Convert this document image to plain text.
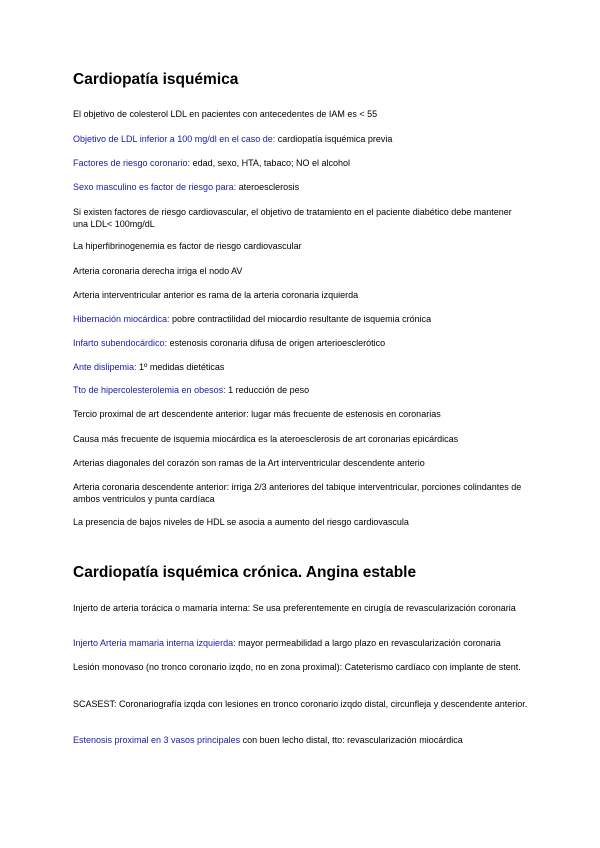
Cardiopatía isquémica

El objetivo de colesterol LDL en pacientes con antecedentes de IAM es < 55

Objetivo de LDL inferior a 100 mg/dl en el caso de: cardiopatía isquémica previa

Factores de riesgo coronario: edad, sexo, HTA, tabaco; NO el alcohol

Sexo masculino es factor de riesgo para: ateroesclerosis

Si existen factores de riesgo cardiovascular, el objetivo de tratamiento en el paciente diabético debe mantener una LDL< 100mg/dL

La hiperfibrinogenemia es factor de riesgo cardiovascular

Arteria coronaria derecha irriga el nodo AV

Arteria interventricular anterior es rama de la arteria coronaria izquierda

Hibernación miocárdica: pobre contractilidad del miocardio resultante de isquemia crónica

Infarto subendocárdico: estenosis coronaria difusa de origen arterioesclerótico

Ante dislipemia: 1º medidas dietéticas

Tto de hipercolesterolemia en obesos: 1 reducción de peso

Tercio proximal de art descendente anterior: lugar más frecuente de estenosis en coronarias

Causa más frecuente de isquemia miocárdica es la ateroesclerosis de art coronarias epicárdicas

Arterias diagonales del corazón son ramas de la Art interventricular descendente anterio

Arteria coronaria descendente anterior: irriga 2/3 anteriores del tabique interventricular, porciones colindantes de ambos ventriculos y punta cardíaca

La presencia de bajos niveles de HDL se asocia a aumento del riesgo cardiovascula

Cardiopatía isquémica crónica. Angina estable

Injerto de arteria torácica o mamaria interna: Se usa preferentemente en cirugía de revascularización coronaria

Injerto Arteria mamaria interna izquierda: mayor permeabilidad a largo plazo en revascularización coronaria

Lesión monovaso (no tronco coronario izqdo, no en zona proximal): Cateterismo cardíaco con implante de stent.

SCASEST: Coronariografía izqda con lesiones en tronco coronario izqdo distal, circunfleja y descendente anterior.

Estenosis proximal en 3 vasos principales con buen lecho distal, tto: revascularización miocárdica
